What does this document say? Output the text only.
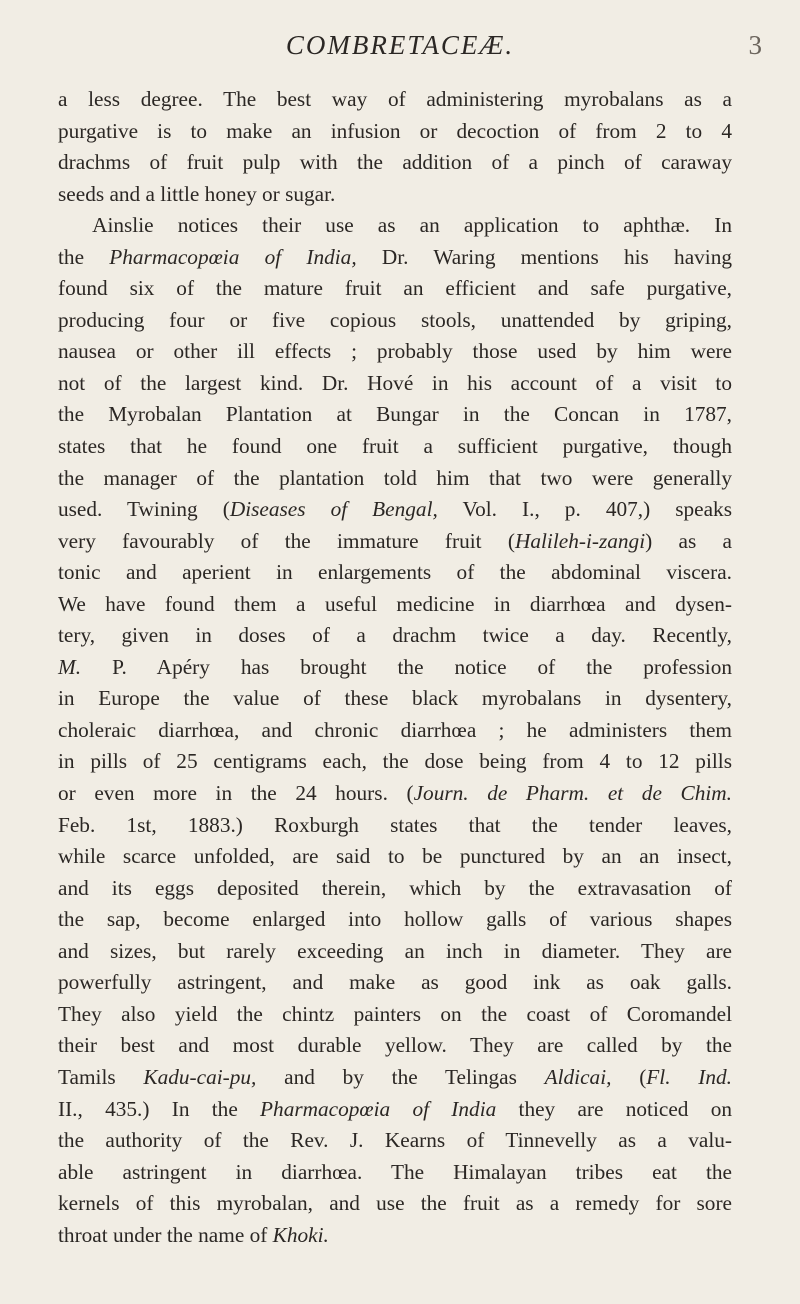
COMBRETACEÆ.	3

a less degree. The best way of administering myrobalans as a
purgative is to make an infusion or decoction of from 2 to 4
drachms of fruit pulp with the addition of a pinch of caraway
seeds and a little honey or sugar.

Ainslie notices their use as an application to aphthæ. In
the Pharmacopœia of India, Dr. Waring mentions his having
found six of the mature fruit an efficient and safe purgative,
producing four or five copious stools, unattended by griping,
nausea or other ill effects ; probably those used by him were
not of the largest kind. Dr. Hové in his account of a visit to
the Myrobalan Plantation at Bungar in the Concan in 1787,
states that he found one fruit a sufficient purgative, though
the manager of the plantation told him that two were generally
used. Twining (Diseases of Bengal, Vol. I., p. 407,) speaks
very favourably of the immature fruit (Halileh-i-zangi) as a
tonic and aperient in enlargements of the abdominal viscera.
We have found them a useful medicine in diarrhœa and dysen-
tery, given in doses of a drachm twice a day. Recently,
M. P. Apéry has brought the notice of the profession
in Europe the value of these black myrobalans in dysentery,
choleraic diarrhœa, and chronic diarrhœa ; he administers them
in pills of 25 centigrams each, the dose being from 4 to 12 pills
or even more in the 24 hours. (Journ. de Pharm. et de Chim.
Feb. 1st, 1883.) Roxburgh states that the tender leaves,
while scarce unfolded, are said to be punctured by an an insect,
and its eggs deposited therein, which by the extravasation of
the sap, become enlarged into hollow galls of various shapes
and sizes, but rarely exceeding an inch in diameter. They are
powerfully astringent, and make as good ink as oak galls.
They also yield the chintz painters on the coast of Coromandel
their best and most durable yellow. They are called by the
Tamils Kadu-cai-pu, and by the Telingas Aldicai, (Fl. Ind.
II., 435.) In the Pharmacopœia of India they are noticed on
the authority of the Rev. J. Kearns of Tinnevelly as a valu-
able astringent in diarrhœa. The Himalayan tribes eat the
kernels of this myrobalan, and use the fruit as a remedy for sore
throat under the name of Khoki.
